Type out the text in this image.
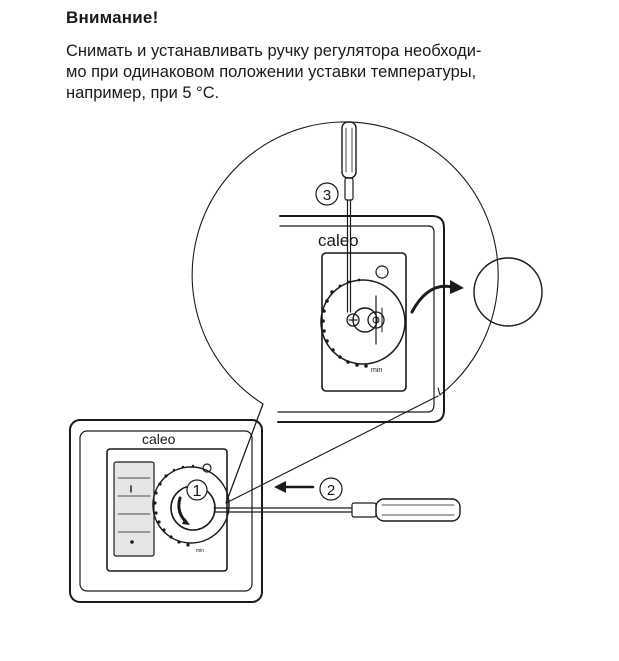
Внимание!

Снимать и устанавливать ручку регулятора необходи-
мо при одинаковом положении уставки температуры,
например, при 5 °С.

caleo
min
caleo
min
1	2
3
